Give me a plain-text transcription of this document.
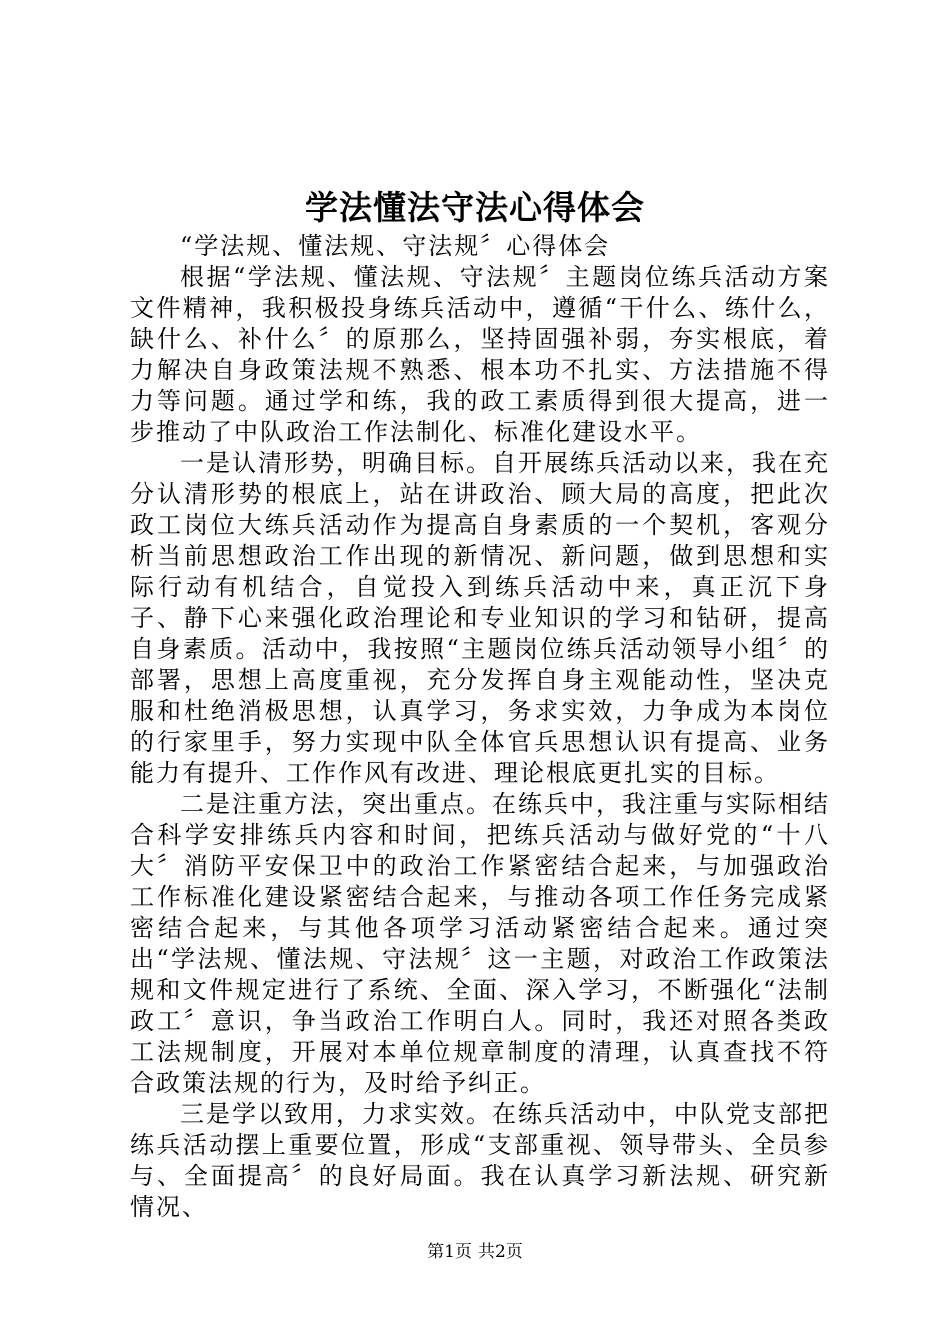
学法懂法守法心得体会

“学法规、懂法规、守法规〞心得体会

根据“学法规、懂法规、守法规〞主题岗位练兵活动方案文件精神，我积极投身练兵活动中，遵循“干什么、练什么，缺什么、补什么〞的原那么，坚持固强补弱，夯实根底，着力解决自身政策法规不熟悉、根本功不扎实、方法措施不得力等问题。通过学和练，我的政工素质得到很大提高，进一步推动了中队政治工作法制化、标准化建设水平。

一是认清形势，明确目标。自开展练兵活动以来，我在充分认清形势的根底上，站在讲政治、顾大局的高度，把此次政工岗位大练兵活动作为提高自身素质的一个契机，客观分析当前思想政治工作出现的新情况、新问题，做到思想和实际行动有机结合，自觉投入到练兵活动中来，真正沉下身子、静下心来强化政治理论和专业知识的学习和钻研，提高自身素质。活动中，我按照“主题岗位练兵活动领导小组〞的部署，思想上高度重视，充分发挥自身主观能动性，坚决克服和杜绝消极思想，认真学习，务求实效，力争成为本岗位的行家里手，努力实现中队全体官兵思想认识有提高、业务能力有提升、工作作风有改进、理论根底更扎实的目标。

二是注重方法，突出重点。在练兵中，我注重与实际相结合科学安排练兵内容和时间，把练兵活动与做好党的“十八大〞消防平安保卫中的政治工作紧密结合起来，与加强政治工作标准化建设紧密结合起来，与推动各项工作任务完成紧密结合起来，与其他各项学习活动紧密结合起来。通过突出“学法规、懂法规、守法规〞这一主题，对政治工作政策法规和文件规定进行了系统、全面、深入学习，不断强化“法制政工〞意识，争当政治工作明白人。同时，我还对照各类政工法规制度，开展对本单位规章制度的清理，认真查找不符合政策法规的行为，及时给予纠正。

三是学以致用，力求实效。在练兵活动中，中队党支部把练兵活动摆上重要位置，形成“支部重视、领导带头、全员参与、全面提高〞的良好局面。我在认真学习新法规、研究新情况、

第1页 共2页
